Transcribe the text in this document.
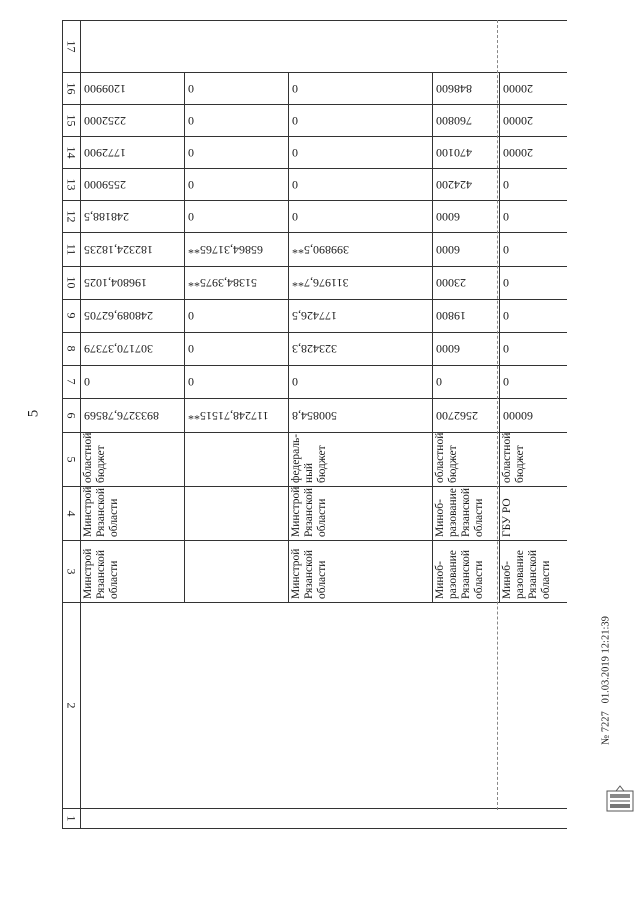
5
1
2
3
4
5
6
7
8
9
10
11
12
13
14
15
16
17
Минстрой Рязанской области
Минстрой Рязанской области
областной бюджет
8933276,78569
0
307170,37379
248089,62705
196804,1025
182324,18235
248188,5
2559000
1772900
2252000
1209900
117248,71515**
0
0
0
51384,3975**
65864,31765**
0
0
0
0
0
Минстрой Рязанской области
Минстрой Рязанской области
федераль- ный бюджет
500854,8
0
323428,3
177426,5
311976,7**
399890,5**
0
0
0
0
0
Миноб- разование Рязанской области
Миноб- разование Рязанской области
областной бюджет
2562700
0
6000
19800
23000
6000
6000
424200
470100
760800
848600
Миноб- разование Рязанской области
ГБУ РО
областной бюджет
60000
0
0
0
0
0
0
0
20000
20000
20000
№ 7227   01.03.2019 12:21:39
